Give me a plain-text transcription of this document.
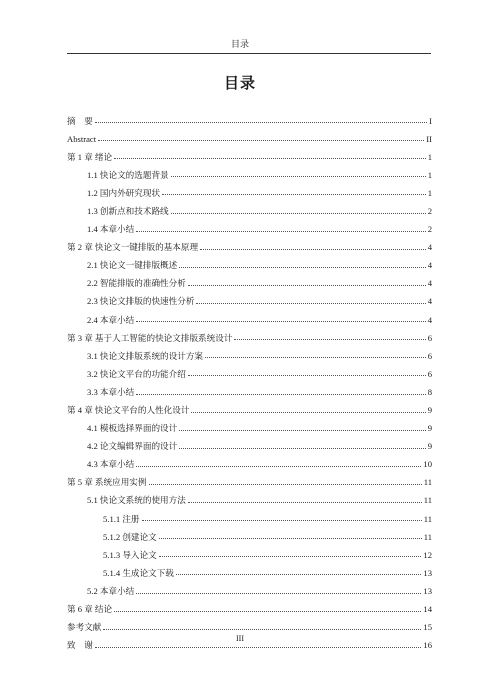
目录
目录
摘　要	I
Abstract	II
第 1 章 绪论	1
1.1 快论文的选题背景	1
1.2 国内外研究现状	1
1.3 创新点和技术路线	2
1.4 本章小结	2
第 2 章 快论文一键排版的基本原理	4
2.1 快论文一键排版概述	4
2.2 智能排版的准确性分析	4
2.3 快论文排版的快速性分析	4
2.4 本章小结	4
第 3 章 基于人工智能的快论文排版系统设计	6
3.1 快论文排版系统的设计方案	6
3.2 快论文平台的功能介绍	6
3.3 本章小结	8
第 4 章 快论文平台的人性化设计	9
4.1 模板选择界面的设计	9
4.2 论文编辑界面的设计	9
4.3 本章小结	10
第 5 章 系统应用实例	11
5.1 快论文系统的使用方法	11
5.1.1 注册	11
5.1.2 创建论文	11
5.1.3 导入论文	12
5.1.4 生成论文下载	13
5.2 本章小结	13
第 6 章 结论	14
参考文献	15
致　谢	16
III
